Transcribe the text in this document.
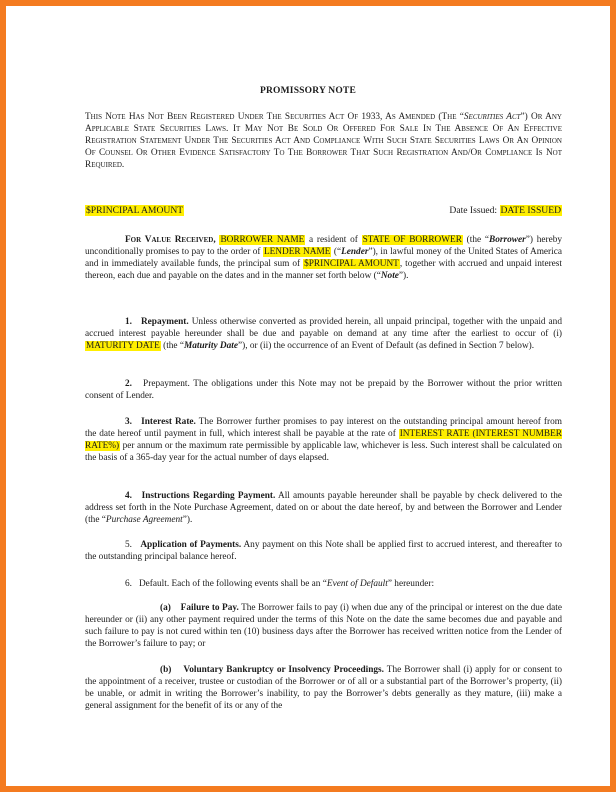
PROMISSORY NOTE
This Note Has Not Been Registered Under The Securities Act Of 1933, As Amended (The “Securities Act”) Or Any Applicable State Securities Laws. It May Not Be Sold Or Offered For Sale In The Absence Of An Effective Registration Statement Under The Securities Act And Compliance With Such State Securities Laws Or An Opinion Of Counsel Or Other Evidence Satisfactory To The Borrower That Such Registration And/Or Compliance Is Not Required.
$PRINCIPAL AMOUNT	Date Issued: DATE ISSUED
For Value Received, BORROWER NAME a resident of STATE OF BORROWER (the “Borrower”) hereby unconditionally promises to pay to the order of LENDER NAME (“Lender”), in lawful money of the United States of America and in immediately available funds, the principal sum of $PRINCIPAL AMOUNT, together with accrued and unpaid interest thereon, each due and payable on the dates and in the manner set forth below (“Note”).
1. Repayment. Unless otherwise converted as provided herein, all unpaid principal, together with the unpaid and accrued interest payable hereunder shall be due and payable on demand at any time after the earliest to occur of (i) MATURITY DATE (the “Maturity Date”), or (ii) the occurrence of an Event of Default (as defined in Section 7 below).
2. Prepayment. The obligations under this Note may not be prepaid by the Borrower without the prior written consent of Lender.
3. Interest Rate. The Borrower further promises to pay interest on the outstanding principal amount hereof from the date hereof until payment in full, which interest shall be payable at the rate of INTEREST RATE (INTEREST NUMBER RATE%) per annum or the maximum rate permissible by applicable law, whichever is less. Such interest shall be calculated on the basis of a 365-day year for the actual number of days elapsed.
4. Instructions Regarding Payment. All amounts payable hereunder shall be payable by check delivered to the address set forth in the Note Purchase Agreement, dated on or about the date hereof, by and between the Borrower and Lender (the “Purchase Agreement”).
5. Application of Payments. Any payment on this Note shall be applied first to accrued interest, and thereafter to the outstanding principal balance hereof.
6. Default. Each of the following events shall be an “Event of Default” hereunder:
(a) Failure to Pay. The Borrower fails to pay (i) when due any of the principal or interest on the due date hereunder or (ii) any other payment required under the terms of this Note on the date the same becomes due and payable and such failure to pay is not cured within ten (10) business days after the Borrower has received written notice from the Lender of the Borrower’s failure to pay; or
(b) Voluntary Bankruptcy or Insolvency Proceedings. The Borrower shall (i) apply for or consent to the appointment of a receiver, trustee or custodian of the Borrower or of all or a substantial part of the Borrower’s property, (ii) be unable, or admit in writing the Borrower’s inability, to pay the Borrower’s debts generally as they mature, (iii) make a general assignment for the benefit of its or any of the
